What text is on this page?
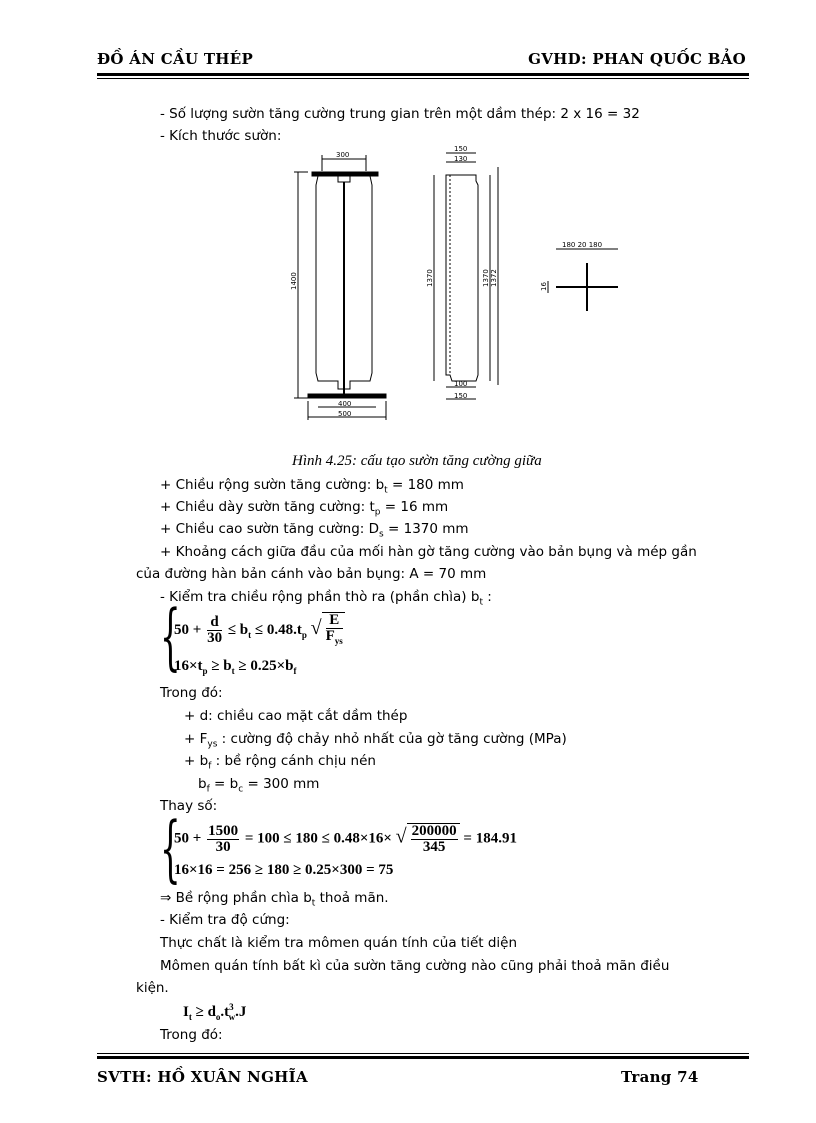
ĐỒ ÁN CẦU THÉP	GVHD: PHAN QUỐC BẢO
- Số lượng sườn tăng cường trung gian trên một dầm thép: 2 x 16 = 32
- Kích thước sườn:
300
1400
400
500
150
130
1370	1370 1372
100
150
180 20 180
16
Hình 4.25: cấu tạo sườn tăng cường giữa
+ Chiều rộng sườn tăng cường: $b_t = 180$ mm
+ Chiều dày sườn tăng cường: $t_p = 16$ mm
+ Chiều cao sườn tăng cường: $D_s = 1370$ mm
+ Khoảng cách giữa đầu của mối hàn gờ tăng cường vào bản bụng và mép gần
của đường hàn bản cánh vào bản bụng: A = 70 mm
- Kiểm tra chiều rộng phần thò ra (phần chìa) $b_t$ :
{
$50 + \frac{d}{30} \le b_t \le 0.48.t_p$ √ $\frac{E}{F_{ys}}$
$16\times t_p \ge b_t \ge 0.25\times b_f$
Trong đó:
+ d: chiều cao mặt cắt dầm thép
+ $F_{ys}$ : cường độ chảy nhỏ nhất của gờ tăng cường (MPa)
+ $b_f$ : bề rộng cánh chịu nén
$b_f = b_c = 300$ mm
Thay số:
{
$50 + \frac{1500}{30} = 100 \le 180 \le 0.48\times 16\times$ √ $\frac{200000}{345} = 184.91$
16×16 = 256 ≥ 180 ≥ 0.25×300 = 75
⇒ Bề rộng phần chìa $b_t$ thoả mãn.
- Kiểm tra độ cứng:
Thực chất là kiểm tra mômen quán tính của tiết diện
Mômen quán tính bất kì của sườn tăng cường nào cũng phải thoả mãn điều
kiện.
$I_t \ge d_o.t^3_w.J$
Trong đó:
SVTH: HỒ XUÂN NGHĨA	Trang 74
